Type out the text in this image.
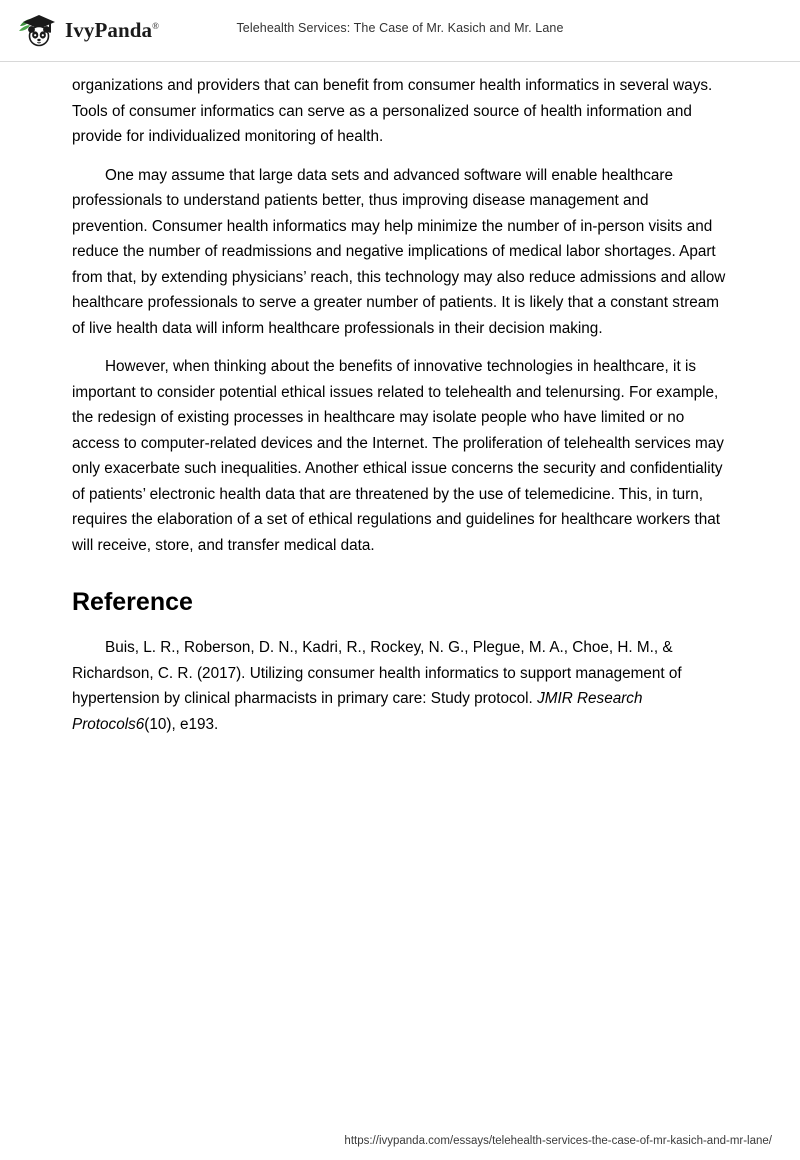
IvyPanda®	Telehealth Services: The Case of Mr. Kasich and Mr. Lane

organizations and providers that can benefit from consumer health informatics in several ways. Tools of consumer informatics can serve as a personalized source of health information and provide for individualized monitoring of health.

One may assume that large data sets and advanced software will enable healthcare professionals to understand patients better, thus improving disease management and prevention. Consumer health informatics may help minimize the number of in-person visits and reduce the number of readmissions and negative implications of medical labor shortages. Apart from that, by extending physicians’ reach, this technology may also reduce admissions and allow healthcare professionals to serve a greater number of patients. It is likely that a constant stream of live health data will inform healthcare professionals in their decision making.

However, when thinking about the benefits of innovative technologies in healthcare, it is important to consider potential ethical issues related to telehealth and telenursing. For example, the redesign of existing processes in healthcare may isolate people who have limited or no access to computer-related devices and the Internet. The proliferation of telehealth services may only exacerbate such inequalities. Another ethical issue concerns the security and confidentiality of patients’ electronic health data that are threatened by the use of telemedicine. This, in turn, requires the elaboration of a set of ethical regulations and guidelines for healthcare workers that will receive, store, and transfer medical data.

Reference

Buis, L. R., Roberson, D. N., Kadri, R., Rockey, N. G., Plegue, M. A., Choe, H. M., & Richardson, C. R. (2017). Utilizing consumer health informatics to support management of hypertension by clinical pharmacists in primary care: Study protocol. JMIR Research Protocols6(10), e193.

https://ivypanda.com/essays/telehealth-services-the-case-of-mr-kasich-and-mr-lane/
